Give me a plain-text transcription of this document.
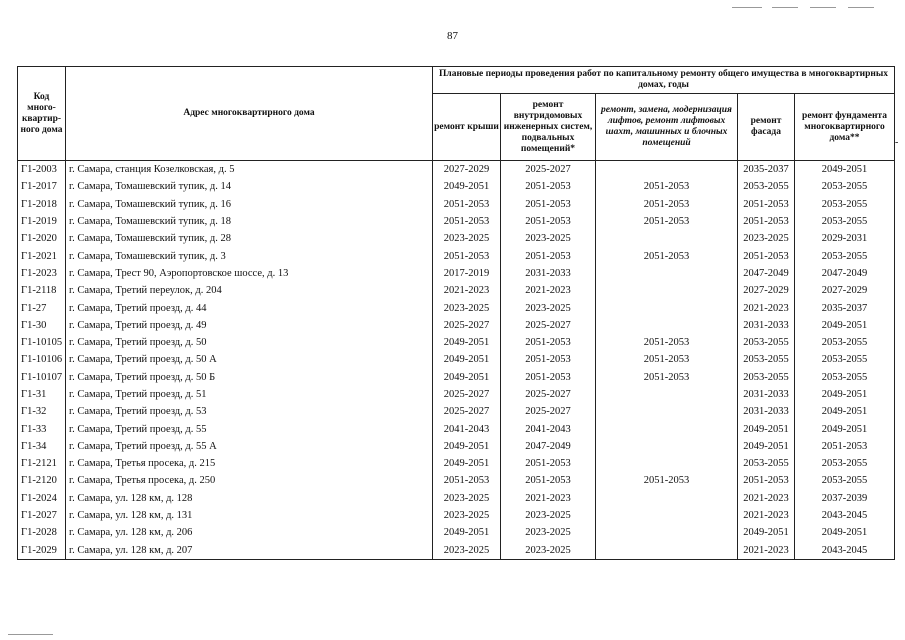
87
-
Код много-квартир-ного дома	Адрес многоквартирного дома	Плановые периоды проведения работ по капитальному ремонту общего имущества в многоквартирных домах, годы				
		ремонт крыши	ремонт внутридомовых инженерных систем, подвальных помещений*	ремонт, замена, модернизация лифтов, ремонт лифтовых шахт, машинных и блочных помещений	ремонт фасада	ремонт фундамента многоквартирного дома**
Г1-2003	г. Самара, станция Козелковская, д. 5	2027-2029	2025-2027		2035-2037	2049-2051
Г1-2017	г. Самара, Томашевский тупик, д. 14	2049-2051	2051-2053	2051-2053	2053-2055	2053-2055
Г1-2018	г. Самара, Томашевский тупик, д. 16	2051-2053	2051-2053	2051-2053	2051-2053	2053-2055
Г1-2019	г. Самара, Томашевский тупик, д. 18	2051-2053	2051-2053	2051-2053	2051-2053	2053-2055
Г1-2020	г. Самара, Томашевский тупик, д. 28	2023-2025	2023-2025		2023-2025	2029-2031
Г1-2021	г. Самара, Томашевский тупик, д. 3	2051-2053	2051-2053	2051-2053	2051-2053	2053-2055
Г1-2023	г. Самара, Трест 90, Аэропортовское шоссе, д. 13	2017-2019	2031-2033		2047-2049	2047-2049
Г1-2118	г. Самара, Третий переулок, д. 204	2021-2023	2021-2023		2027-2029	2027-2029
Г1-27	г. Самара, Третий проезд, д. 44	2023-2025	2023-2025		2021-2023	2035-2037
Г1-30	г. Самара, Третий проезд, д. 49	2025-2027	2025-2027		2031-2033	2049-2051
Г1-10105	г. Самара, Третий проезд, д. 50	2049-2051	2051-2053	2051-2053	2053-2055	2053-2055
Г1-10106	г. Самара, Третий проезд, д. 50 А	2049-2051	2051-2053	2051-2053	2053-2055	2053-2055
Г1-10107	г. Самара, Третий проезд, д. 50 Б	2049-2051	2051-2053	2051-2053	2053-2055	2053-2055
Г1-31	г. Самара, Третий проезд, д. 51	2025-2027	2025-2027		2031-2033	2049-2051
Г1-32	г. Самара, Третий проезд, д. 53	2025-2027	2025-2027		2031-2033	2049-2051
Г1-33	г. Самара, Третий проезд, д. 55	2041-2043	2041-2043		2049-2051	2049-2051
Г1-34	г. Самара, Третий проезд, д. 55 А	2049-2051	2047-2049		2049-2051	2051-2053
Г1-2121	г. Самара, Третья просека, д. 215	2049-2051	2051-2053		2053-2055	2053-2055
Г1-2120	г. Самара, Третья просека, д. 250	2051-2053	2051-2053	2051-2053	2051-2053	2053-2055
Г1-2024	г. Самара, ул. 128 км, д. 128	2023-2025	2021-2023		2021-2023	2037-2039
Г1-2027	г. Самара, ул. 128 км, д. 131	2023-2025	2023-2025		2021-2023	2043-2045
Г1-2028	г. Самара, ул. 128 км, д. 206	2049-2051	2023-2025		2049-2051	2049-2051
Г1-2029	г. Самара, ул. 128 км, д. 207	2023-2025	2023-2025		2021-2023	2043-2045
